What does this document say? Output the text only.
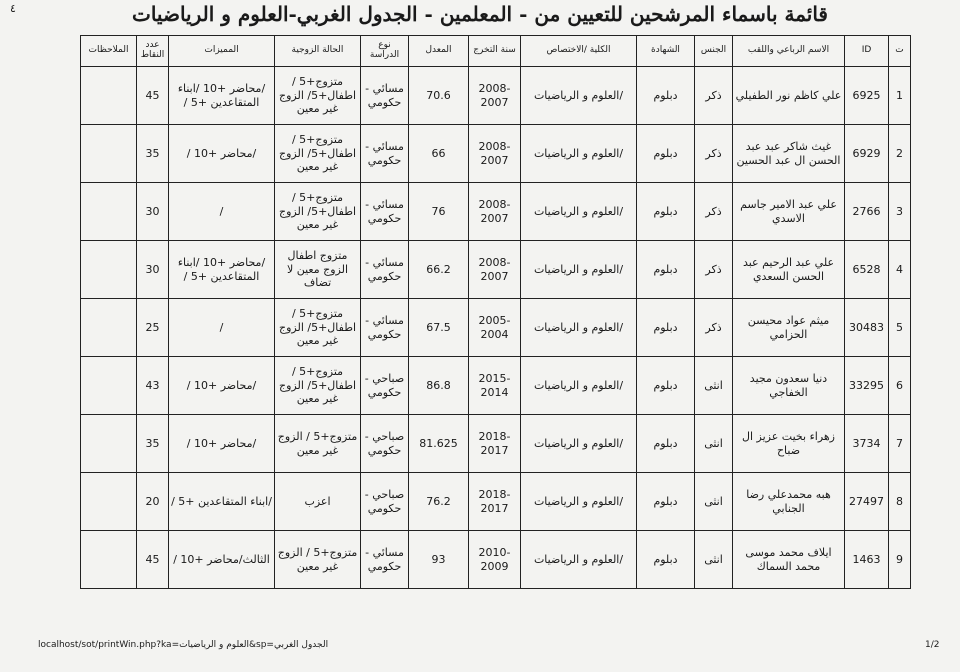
٤	قائمة باسماء المرشحين للتعيين من - المعلمين - الجدول الغربي-العلوم و الرياضيات
ت	ID	الاسم الرباعي واللقب	الجنس	الشهادة	الكلية /الاختصاص	سنة التخرج	المعدل	نوع الدراسة	الحالة الزوجية	المميزات	عدد النقاط	الملاحظات
1	6925	علي كاظم نور الطفيلي	ذكر	دبلوم	/العلوم و الرياضيات	2008-2007	70.6	مسائي - حكومي	متزوج+5 / اطفال+5/ الزوج غير معين	/محاضر +10 /ابناء المتقاعدين +5 /	45	
2	6929	غيث شاكر عبد عبد الحسن ال عبد الحسين	ذكر	دبلوم	/العلوم و الرياضيات	2008-2007	66	مسائي - حكومي	متزوج+5 / اطفال+5/ الزوج غير معين	/محاضر +10 /	35	
3	2766	علي عبد الامير جاسم الاسدي	ذكر	دبلوم	/العلوم و الرياضيات	2008-2007	76	مسائي - حكومي	متزوج+5 / اطفال+5/ الزوج غير معين	/	30	
4	6528	علي عبد الرحيم عبد الحسن السعدي	ذكر	دبلوم	/العلوم و الرياضيات	2008-2007	66.2	مسائي - حكومي	متزوج اطفال الزوج معين لا تضاف	/محاضر +10 /ابناء المتقاعدين +5 /	30	
5	30483	ميثم عواد محيسن الحزامي	ذكر	دبلوم	/العلوم و الرياضيات	2005-2004	67.5	مسائي - حكومي	متزوج+5 / اطفال+5/ الزوج غير معين	/	25	
6	33295	دنيا سعدون مجيد الخفاجي	انثى	دبلوم	/العلوم و الرياضيات	2015-2014	86.8	صباحي - حكومي	متزوج+5 / اطفال+5/ الزوج غير معين	/محاضر +10 /	43	
7	3734	زهراء بخيت عزيز ال ضباح	انثى	دبلوم	/العلوم و الرياضيات	2018-2017	81.625	صباحي - حكومي	متزوج+5 / الزوج غير معين	/محاضر +10 /	35	
8	27497	هبه محمدعلي رضا الجنابي	انثى	دبلوم	/العلوم و الرياضيات	2018-2017	76.2	صباحي - حكومي	اعزب	/ابناء المتقاعدين +5 /	20	
9	1463	ايلاف محمد موسى محمد السماك	انثى	دبلوم	/العلوم و الرياضيات	2010-2009	93	مسائي - حكومي	متزوج+5 / الزوج غير معين	الثالث/محاضر +10 /	45	
localhost/sot/printWin.php?ka=العلوم و الرياضيات&sp=الجدول الغربي	1/2
